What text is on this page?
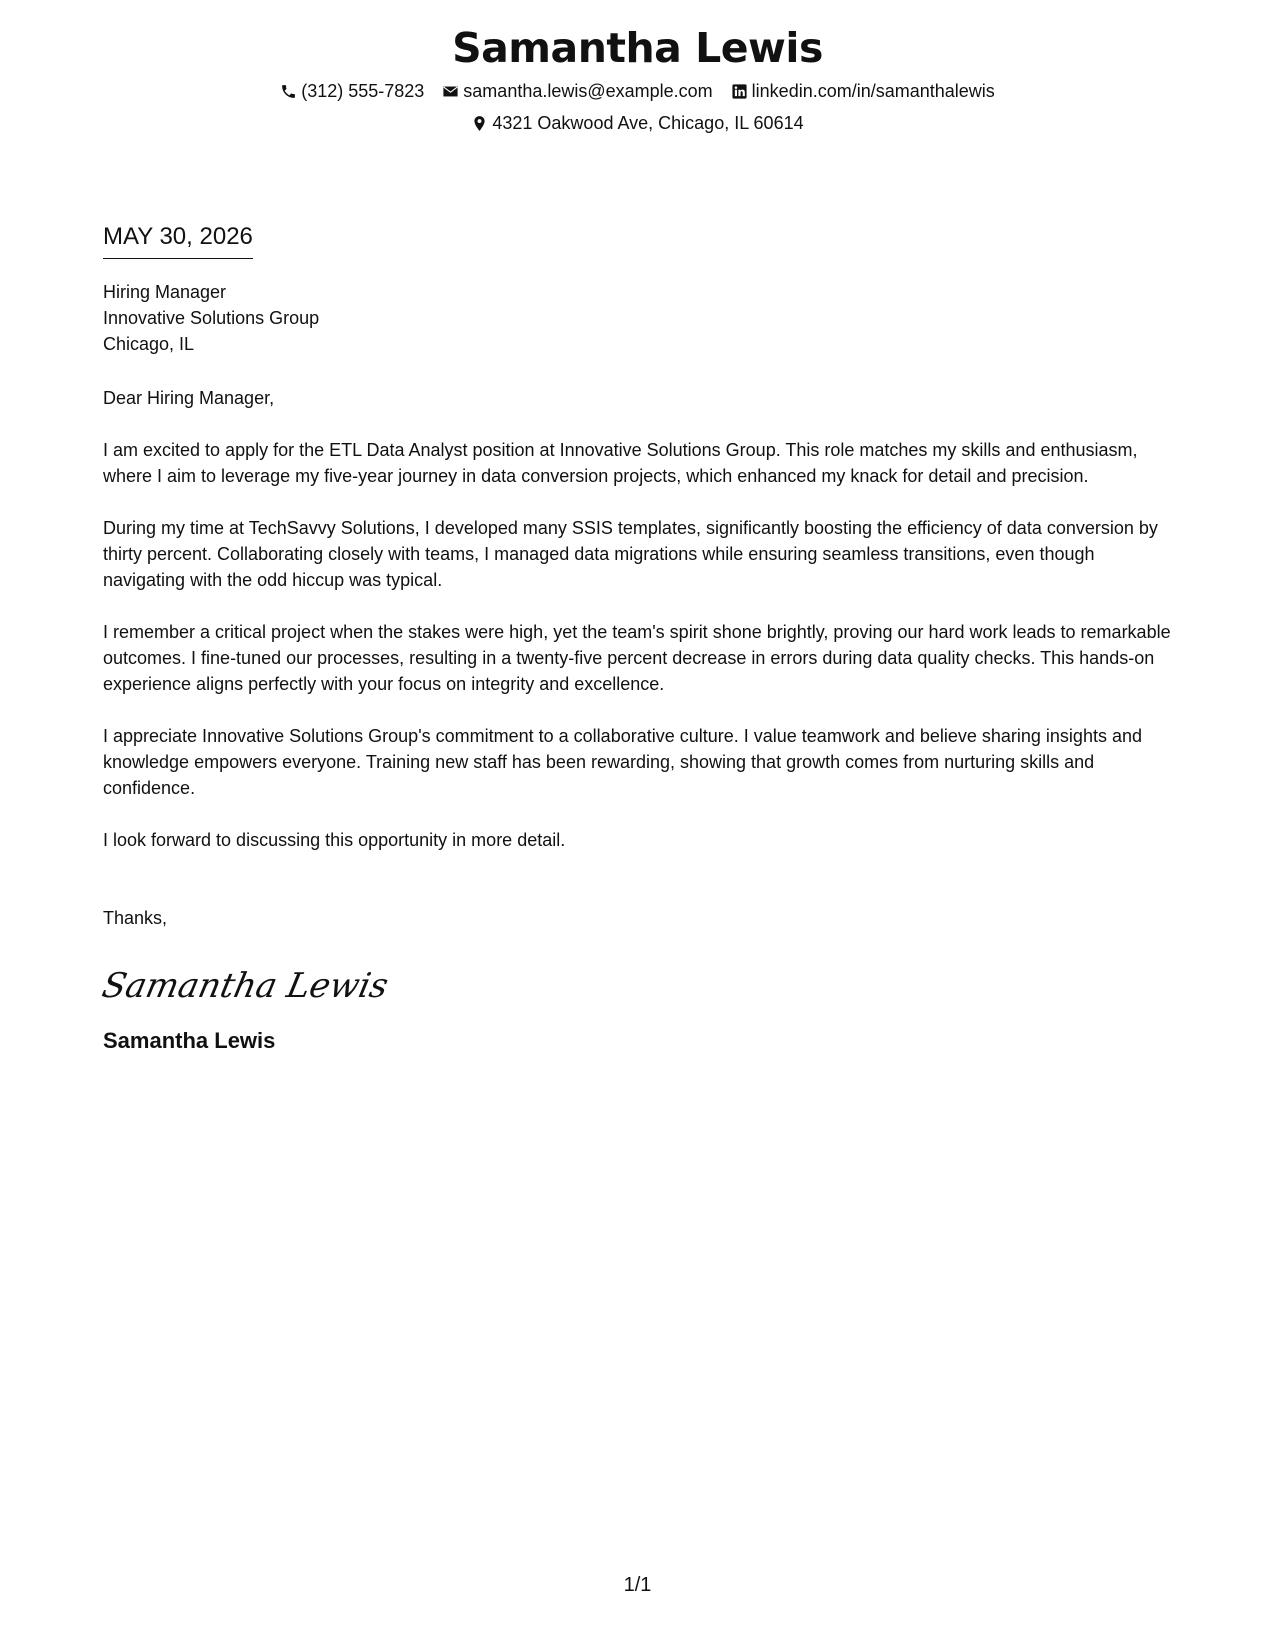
Samantha Lewis
(312) 555-7823 samantha.lewis@example.com linkedin.com/in/samanthalewis
4321 Oakwood Ave, Chicago, IL 60614
MAY 30, 2026
Hiring Manager
Innovative Solutions Group
Chicago, IL
Dear Hiring Manager,
I am excited to apply for the ETL Data Analyst position at Innovative Solutions Group. This role matches my skills and enthusiasm, where I aim to leverage my five-year journey in data conversion projects, which enhanced my knack for detail and precision.
During my time at TechSavvy Solutions, I developed many SSIS templates, significantly boosting the efficiency of data conversion by thirty percent. Collaborating closely with teams, I managed data migrations while ensuring seamless transitions, even though navigating with the odd hiccup was typical.
I remember a critical project when the stakes were high, yet the team's spirit shone brightly, proving our hard work leads to remarkable outcomes. I fine-tuned our processes, resulting in a twenty-five percent decrease in errors during data quality checks. This hands-on experience aligns perfectly with your focus on integrity and excellence.
I appreciate Innovative Solutions Group's commitment to a collaborative culture. I value teamwork and believe sharing insights and knowledge empowers everyone. Training new staff has been rewarding, showing that growth comes from nurturing skills and confidence.
I look forward to discussing this opportunity in more detail.
Thanks,
Samantha Lewis
Samantha Lewis
1/1
